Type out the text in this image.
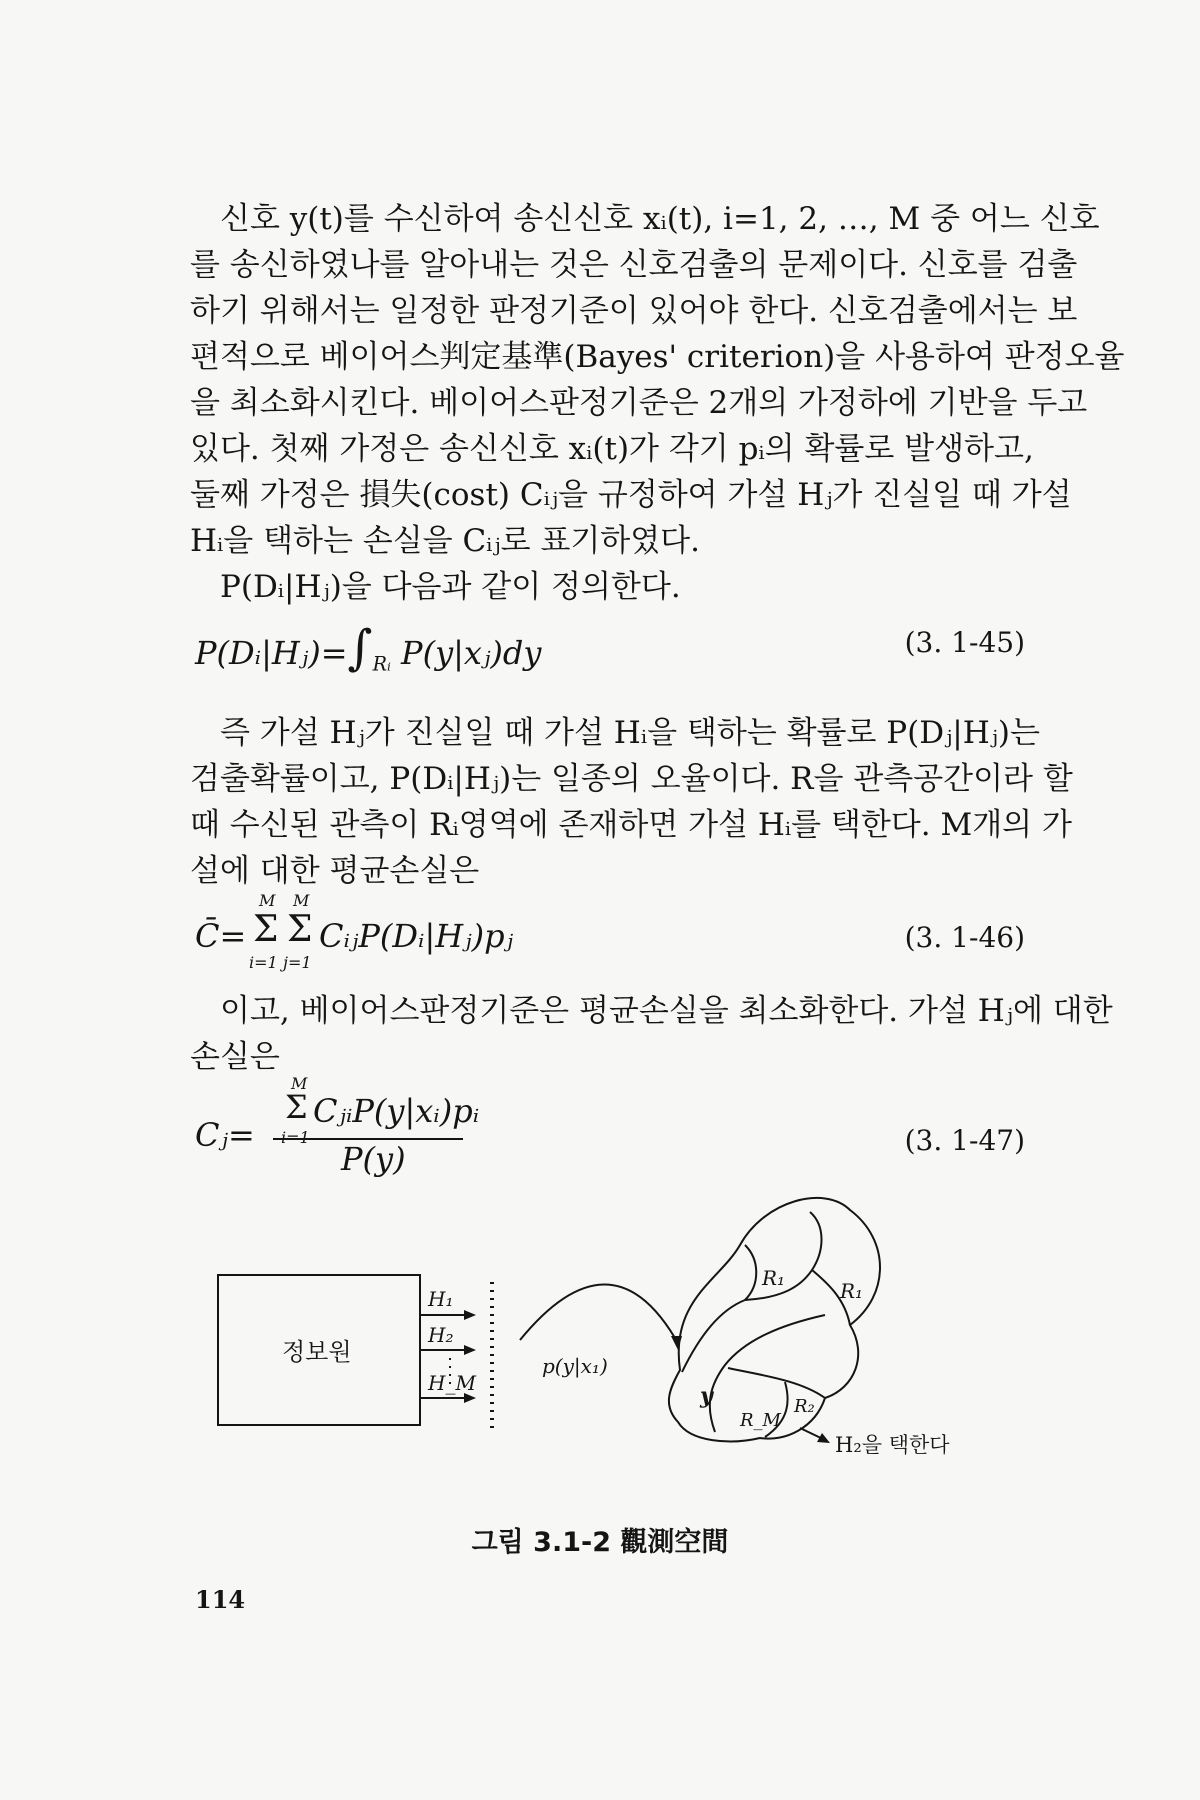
신호 y(t)를 수신하여 송신신호 xᵢ(t), i=1, 2, …, M 중 어느 신호
를 송신하였나를 알아내는 것은 신호검출의 문제이다. 신호를 검출
하기 위해서는 일정한 판정기준이 있어야 한다. 신호검출에서는 보
편적으로 베이어스判定基準(Bayes' criterion)을 사용하여 판정오율
을 최소화시킨다. 베이어스판정기준은 2개의 가정하에 기반을 두고
있다. 첫째 가정은 송신신호 xᵢ(t)가 각기 pᵢ의 확률로 발생하고,
둘째 가정은 損失(cost) Cᵢⱼ을 규정하여 가설 Hⱼ가 진실일 때 가설
Hᵢ을 택하는 손실을 Cᵢⱼ로 표기하였다.
P(Dᵢ|Hⱼ)을 다음과 같이 정의한다.
$P(Dᵢ|Hⱼ)=\int_{Rᵢ}$ P(y|xⱼ)dy	(3. 1-45)
즉 가설 Hⱼ가 진실일 때 가설 Hᵢ을 택하는 확률로 P(Dⱼ|Hⱼ)는
검출확률이고, P(Dᵢ|Hⱼ)는 일종의 오율이다. R을 관측공간이라 할
때 수신된 관측이 Rᵢ영역에 존재하면 가설 Hᵢ를 택한다. M개의 가
설에 대한 평균손실은
C̄= Σ
M
i=1
Σ
M
j=1
CᵢⱼP(Dᵢ|Hⱼ)pⱼ	(3. 1-46)
이고, 베이어스판정기준은 평균손실을 최소화한다. 가설 Hⱼ에 대한
손실은
Cⱼ=
M
Σ
i=1
CⱼᵢP(y|xᵢ)pᵢ
P(y)	(3. 1-47)
정보원
H₁
H₂
H_M
p(y|x₁)
y
R₁
R₁
R_M
R₂
H₂을 택한다
그림 3.1-2 觀測空間
114
